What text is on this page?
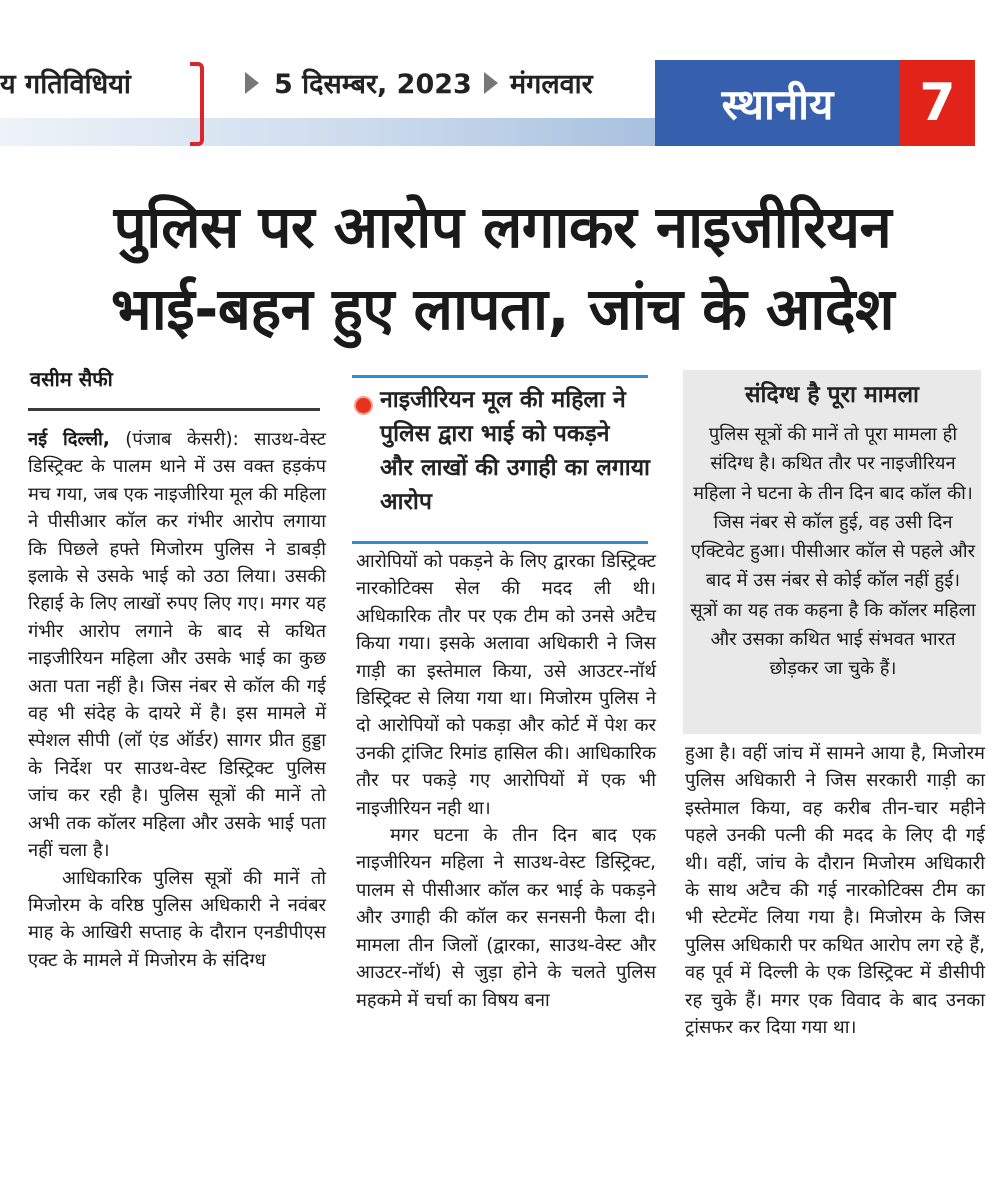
य गतिविधियां	5 दिसम्बर, 2023 मंगलवार	स्थानीय	7
पुलिस पर आरोप लगाकर नाइजीरियन
भाई-बहन हुए लापता, जांच के आदेश
वसीम सैफी

नई दिल्ली, (पंजाब केसरी): साउथ-वेस्ट डिस्ट्रिक्ट के पालम थाने में उस वक्त हड़कंप मच गया, जब एक नाइजीरिया मूल की महिला ने पीसीआर कॉल कर गंभीर आरोप लगाया कि पिछले हफ्ते मिजोरम पुलिस ने डाबड़ी इलाके से उसके भाई को उठा लिया। उसकी रिहाई के लिए लाखों रुपए लिए गए। मगर यह गंभीर आरोप लगाने के बाद से कथित नाइजीरियन महिला और उसके भाई का कुछ अता पता नहीं है। जिस नंबर से कॉल की गई वह भी संदेह के दायरे में है। इस मामले में स्पेशल सीपी (लॉ एंड ऑर्डर) सागर प्रीत हुड्डा के निर्देश पर साउथ-वेस्ट डिस्ट्रिक्ट पुलिस जांच कर रही है। पुलिस सूत्रों की मानें तो अभी तक कॉलर महिला और उसके भाई पता नहीं चला है।

आधिकारिक पुलिस सूत्रों की मानें तो मिजोरम के वरिष्ठ पुलिस अधिकारी ने नवंबर माह के आखिरी सप्ताह के दौरान एनडीपीएस एक्ट के मामले में मिजोरम के संदिग्ध

नाइजीरियन मूल की महिला ने पुलिस द्वारा भाई को पकड़ने और लाखों की उगाही का लगाया आरोप

आरोपियों को पकड़ने के लिए द्वारका डिस्ट्रिक्ट नारकोटिक्स सेल की मदद ली थी। अधिकारिक तौर पर एक टीम को उनसे अटैच किया गया। इसके अलावा अधिकारी ने जिस गाड़ी का इस्तेमाल किया, उसे आउटर-नॉर्थ डिस्ट्रिक्ट से लिया गया था। मिजोरम पुलिस ने दो आरोपियों को पकड़ा और कोर्ट में पेश कर उनकी ट्रांजिट रिमांड हासिल की। आधिकारिक तौर पर पकड़े गए आरोपियों में एक भी नाइजीरियन नही था।

मगर घटना के तीन दिन बाद एक नाइजीरियन महिला ने साउथ-वेस्ट डिस्ट्रिक्ट, पालम से पीसीआर कॉल कर भाई के पकड़ने और उगाही की कॉल कर सनसनी फैला दी। मामला तीन जिलों (द्वारका, साउथ-वेस्ट और आउटर-नॉर्थ) से जुड़ा होने के चलते पुलिस महकमे में चर्चा का विषय बना

संदिग्ध है पूरा मामला
पुलिस सूत्रों की मानें तो पूरा मामला ही संदिग्ध है। कथित तौर पर नाइजीरियन महिला ने घटना के तीन दिन बाद कॉल की। जिस नंबर से कॉल हुई, वह उसी दिन एक्टिवेट हुआ। पीसीआर कॉल से पहले और बाद में उस नंबर से कोई कॉल नहीं हुई। सूत्रों का यह तक कहना है कि कॉलर महिला और उसका कथित भाई संभवत भारत छोड़कर जा चुके हैं।

हुआ है। वहीं जांच में सामने आया है, मिजोरम पुलिस अधिकारी ने जिस सरकारी गाड़ी का इस्तेमाल किया, वह करीब तीन-चार महीने पहले उनकी पत्नी की मदद के लिए दी गई थी। वहीं, जांच के दौरान मिजोरम अधिकारी के साथ अटैच की गई नारकोटिक्स टीम का भी स्टेटमेंट लिया गया है। मिजोरम के जिस पुलिस अधिकारी पर कथित आरोप लग रहे हैं, वह पूर्व में दिल्ली के एक डिस्ट्रिक्ट में डीसीपी रह चुके हैं। मगर एक विवाद के बाद उनका ट्रांसफर कर दिया गया था।
